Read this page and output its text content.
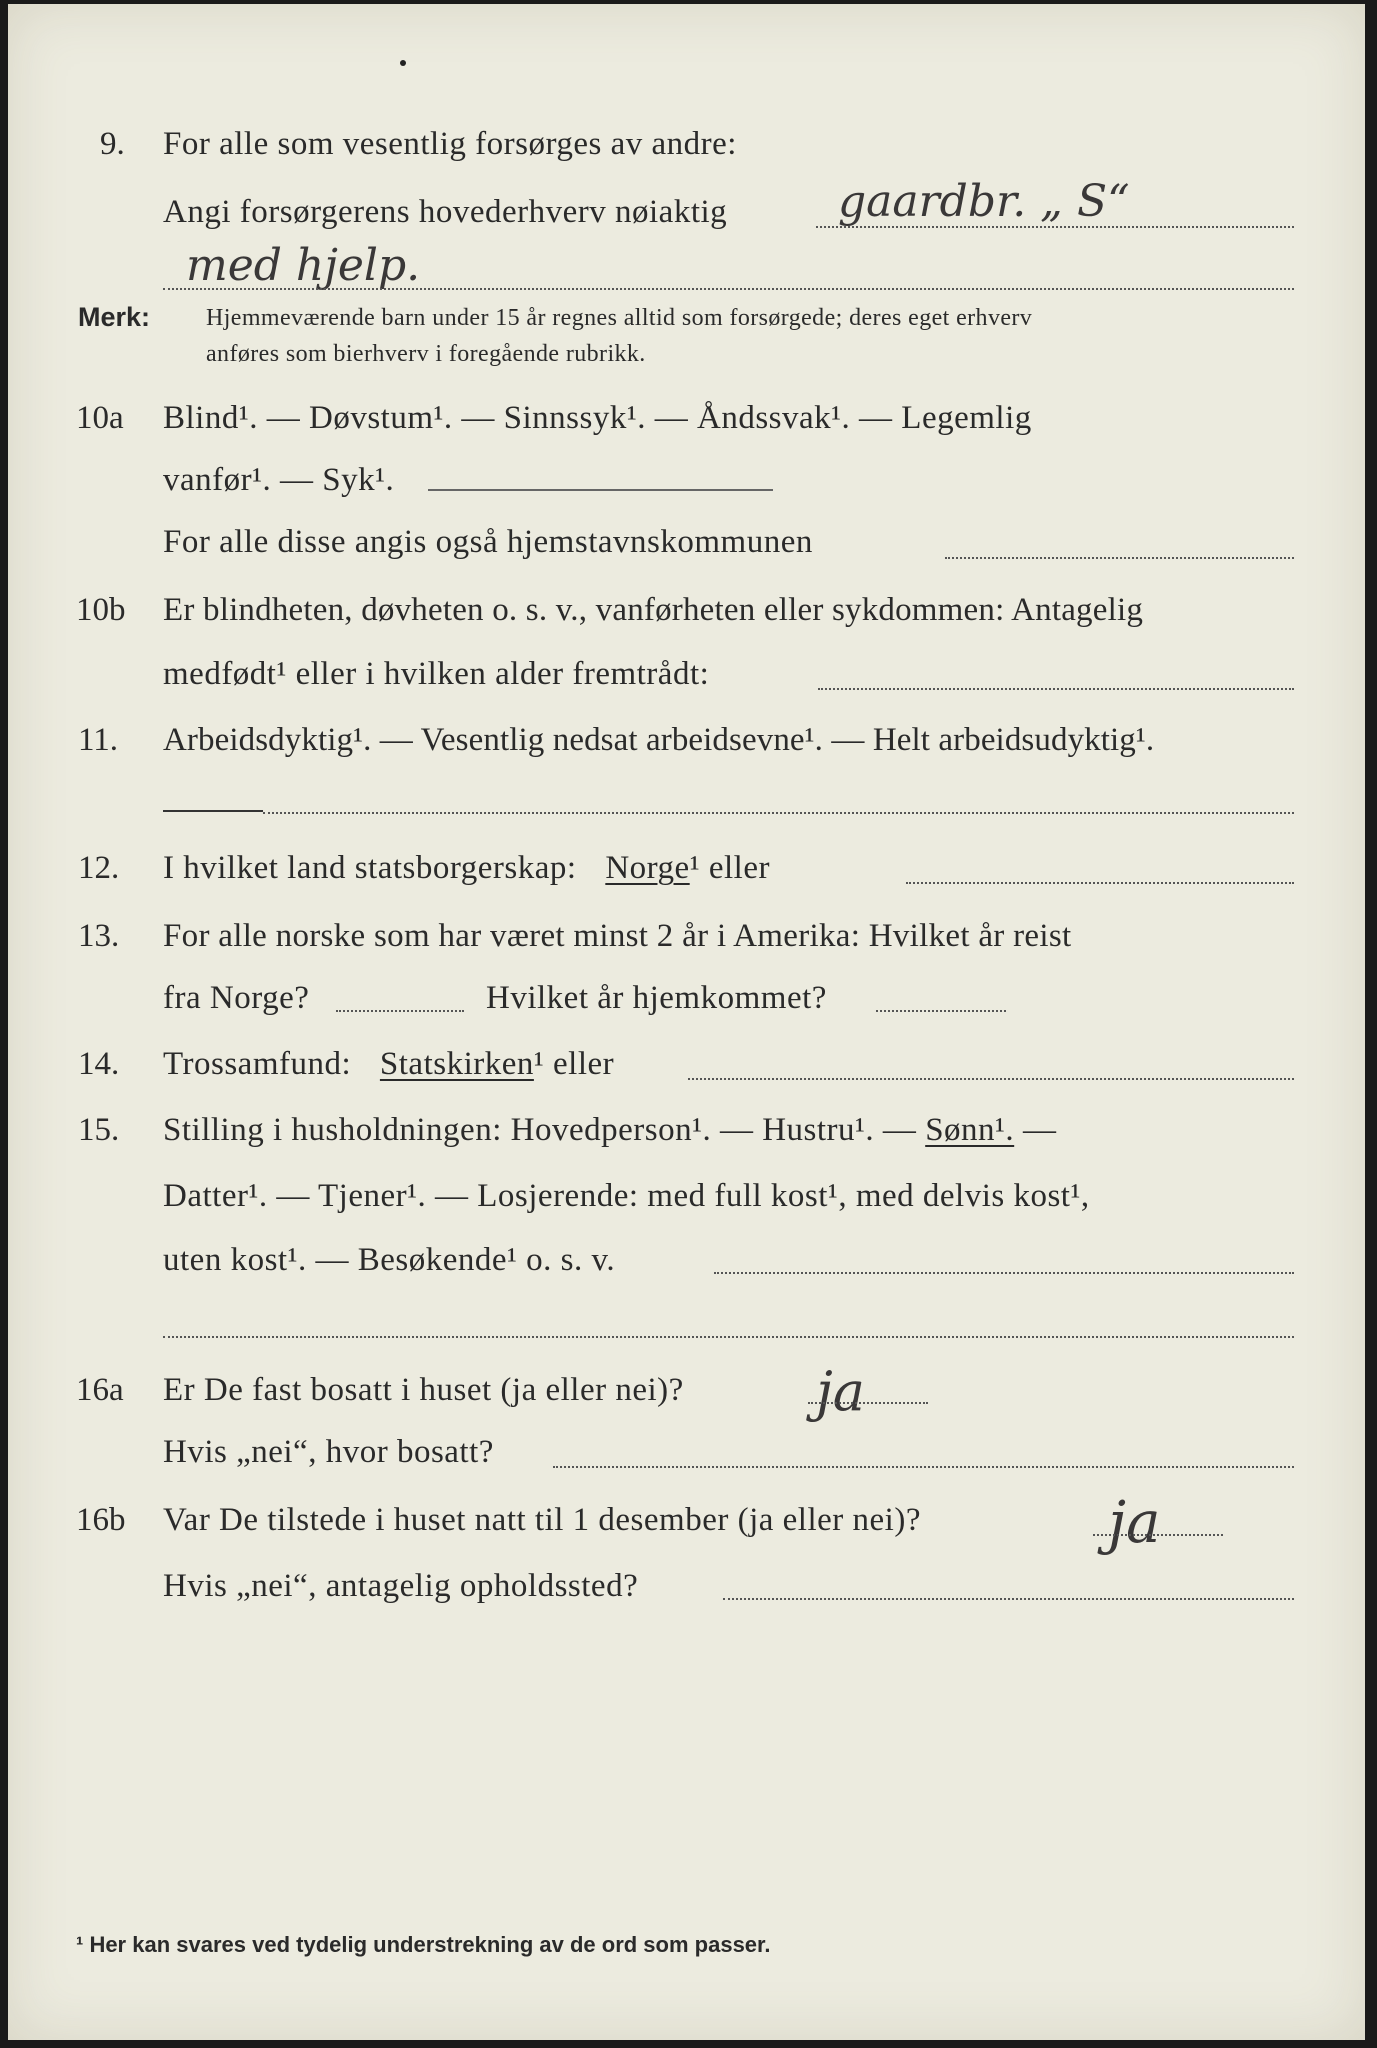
9. For alle som vesentlig forsørges av andre:
Angi forsørgerens hovederhverv nøiaktig	gaardbr. „ S“
med hjelp.
Merk: Hjemmeværende barn under 15 år regnes alltid som forsørgede; deres eget erhverv
anføres som bierhverv i foregående rubrikk.
10a Blind¹. — Døvstum¹. — Sinnssyk¹. — Åndssvak¹. — Legemlig
vanfør¹. — Syk¹.
For alle disse angis også hjemstavnskommunen
10b Er blindheten, døvheten o. s. v., vanførheten eller sykdommen: Antagelig
medfødt¹ eller i hvilken alder fremtrådt:
11. Arbeidsdyktig¹. — Vesentlig nedsat arbeidsevne¹. — Helt arbeidsudyktig¹.
12. I hvilket land statsborgerskap: Norge¹ eller
13. For alle norske som har været minst 2 år i Amerika: Hvilket år reist
fra Norge?	Hvilket år hjemkommet?
14. Trossamfund: Statskirken¹ eller
15. Stilling i husholdningen: Hovedperson¹. — Hustru¹. — Sønn¹. —
Datter¹. — Tjener¹. — Losjerende: med full kost¹, med delvis kost¹,
uten kost¹. — Besøkende¹ o. s. v.
16a Er De fast bosatt i huset (ja eller nei)? ja
Hvis „nei“, hvor bosatt?
16b Var De tilstede i huset natt til 1 desember (ja eller nei)?	ja
Hvis „nei“, antagelig opholdssted?
¹ Her kan svares ved tydelig understrekning av de ord som passer.
